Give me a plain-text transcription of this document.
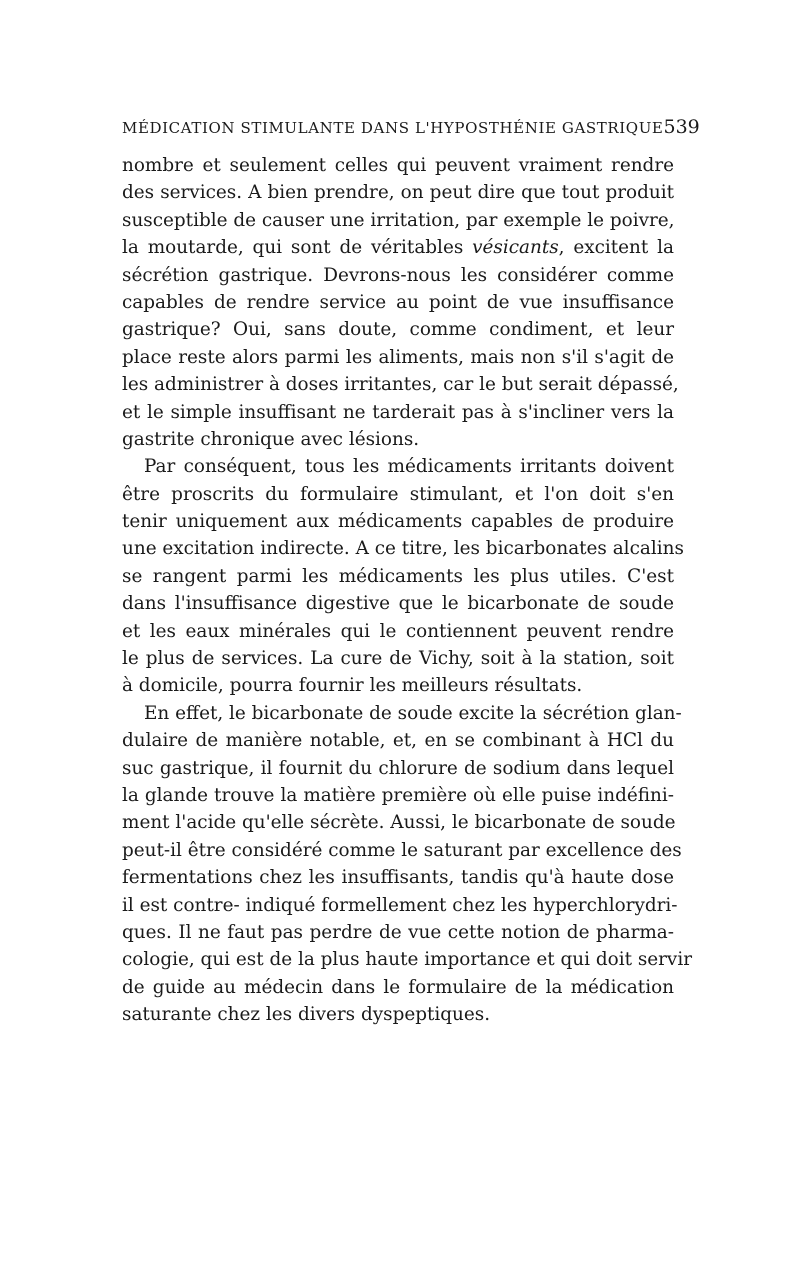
MÉDICATION STIMULANTE DANS L'HYPOSTHÉNIE GASTRIQUE 539
nombre et seulement celles qui peuvent vraiment rendre
des services. A bien prendre, on peut dire que tout produit
susceptible de causer une irritation, par exemple le poivre,
la moutarde, qui sont de véritables vésicants, excitent la
sécrétion gastrique. Devrons-nous les considérer comme
capables de rendre service au point de vue insuffisance
gastrique? Oui, sans doute, comme condiment, et leur
place reste alors parmi les aliments, mais non s'il s'agit de
les administrer à doses irritantes, car le but serait dépassé,
et le simple insuffisant ne tarderait pas à s'incliner vers la
gastrite chronique avec lésions.
Par conséquent, tous les médicaments irritants doivent
être proscrits du formulaire stimulant, et l'on doit s'en
tenir uniquement aux médicaments capables de produire
une excitation indirecte. A ce titre, les bicarbonates alcalins
se rangent parmi les médicaments les plus utiles. C'est
dans l'insuffisance digestive que le bicarbonate de soude
et les eaux minérales qui le contiennent peuvent rendre
le plus de services. La cure de Vichy, soit à la station, soit
à domicile, pourra fournir les meilleurs résultats.
En effet, le bicarbonate de soude excite la sécrétion glan-
dulaire de manière notable, et, en se combinant à HCl du
suc gastrique, il fournit du chlorure de sodium dans lequel
la glande trouve la matière première où elle puise indéfini-
ment l'acide qu'elle sécrète. Aussi, le bicarbonate de soude
peut-il être considéré comme le saturant par excellence des
fermentations chez les insuffisants, tandis qu'à haute dose
il est contre- indiqué formellement chez les hyperchlorydri-
ques. Il ne faut pas perdre de vue cette notion de pharma-
cologie, qui est de la plus haute importance et qui doit servir
de guide au médecin dans le formulaire de la médication
saturante chez les divers dyspeptiques.
